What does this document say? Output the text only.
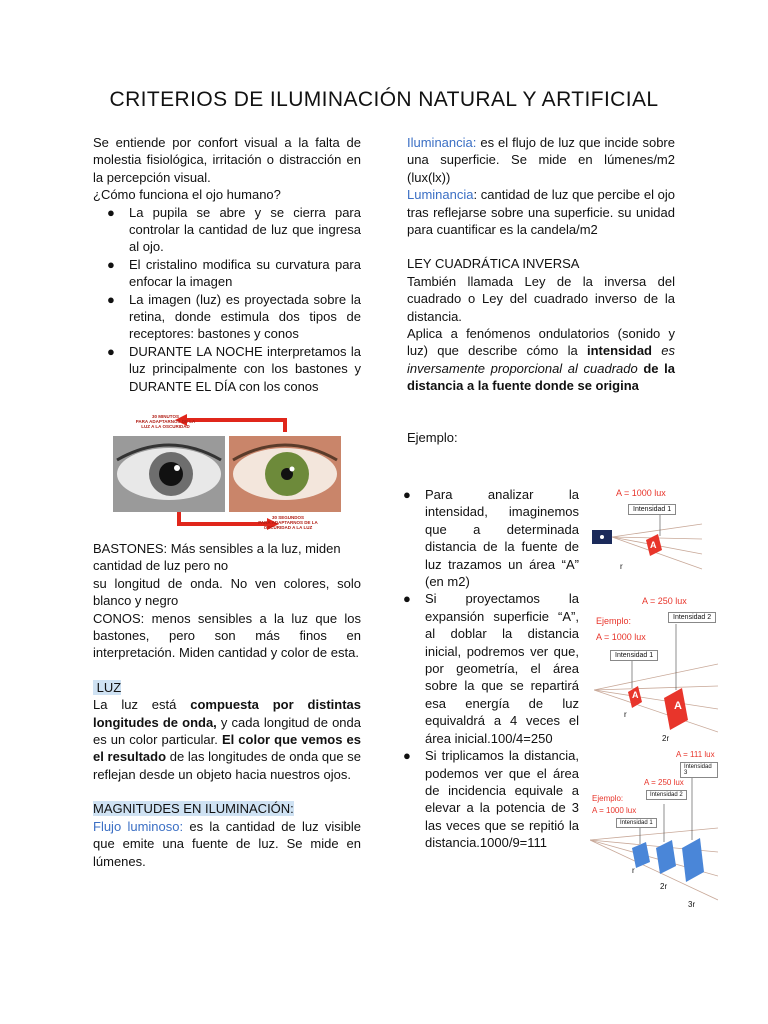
CRITERIOS DE ILUMINACIÓN NATURAL Y ARTIFICIAL

Se entiende por confort visual a la falta de molestia fisiológica, irritación o distracción en la percepción visual.

¿Cómo funciona el ojo humano?

● La pupila se abre y se cierra para controlar la cantidad de luz que ingresa al ojo.
● El cristalino modifica su curvatura para enfocar la imagen
● La imagen (luz) es proyectada sobre la retina, donde estimula dos tipos de receptores: bastones y conos
● DURANTE LA NOCHE interpretamos la luz principalmente con los bastones y DURANTE EL DÍA con los conos
30 MINUTOS
PARA ADAPTARNOS DE LA
LUZ A LA OSCURIDAD
30 SEGUNDOS
PARA ADAPTARNOS DE LA
OSCURIDAD A LA LUZ

BASTONES: Más sensibles a la luz, miden cantidad de luz pero no

su longitud de onda. No ven colores, solo blanco y negro

CONOS: menos sensibles a la luz que los bastones, pero son más finos en interpretación. Miden cantidad y color de esta.

LUZ

La luz está compuesta por distintas longitudes de onda, y cada longitud de onda es un color particular. El color que vemos es el resultado de las longitudes de onda que se reflejan desde un objeto hacia nuestros ojos.

MAGNITUDES EN ILUMINACIÓN:

Flujo luminoso: es la cantidad de luz visible que emite una fuente de luz. Se mide en lúmenes.

Iluminancia: es el flujo de luz que incide sobre una superficie. Se mide en lúmenes/m2 (lux(lx))

Luminancia: cantidad de luz que percibe el ojo tras reflejarse sobre una superficie. su unidad para cuantificar es la candela/m2

LEY CUADRÁTICA INVERSA

También llamada Ley de la inversa del cuadrado o Ley del cuadrado inverso de la distancia.

Aplica a fenómenos ondulatorios (sonido y luz) que describe cómo la intensidad es inversamente proporcional al cuadrado de la distancia a la fuente donde se origina

Ejemplo:

● Para analizar la intensidad, imaginemos que a determinada distancia de la fuente de luz trazamos un área “A” (en m2)
● Si proyectamos la expansión superficie “A”, al doblar la distancia inicial, podremos ver que, por geometría, el área sobre la que se repartirá esa energía de luz equivaldrá a 4 veces el área inicial.100/4=250
● Si triplicamos la distancia, podemos ver que el área de incidencia equivale a elevar a la potencia de 3 las veces que se repitió la distancia.1000/9=111
A = 1000 lux
Intensidad 1
A
r
A = 250 lux
Ejemplo:
A = 1000 lux
Intensidad 2
Intensidad 1
A
A
r
2r
A = 111 lux
A = 250 lux
Intensidad 3
Intensidad 2
Ejemplo:
A = 1000 lux
Intensidad 1
r
2r
3r
